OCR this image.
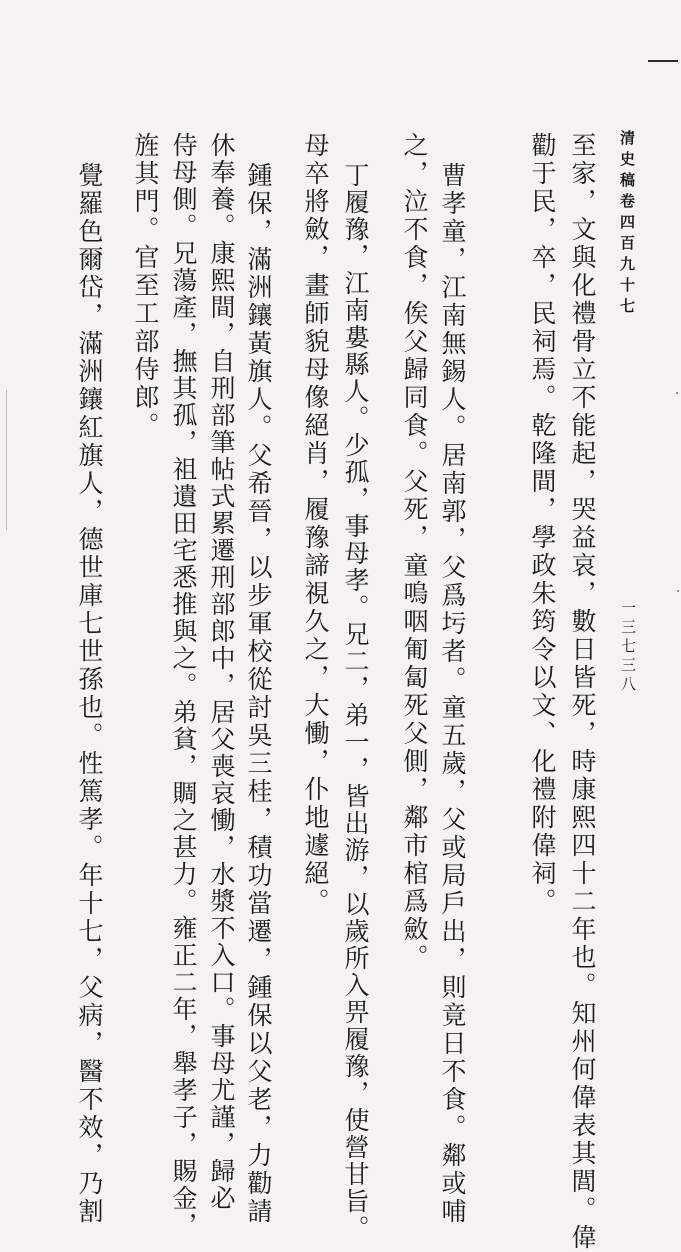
清史稿卷四百九十七
一三七三八
至家，文與化禮骨立不能起，哭益哀，數日皆死，時康熙四十二年也。知州何偉表其閭。偉
勸于民，卒，民祠焉。乾隆間，學政朱筠令以文、化禮附偉祠。
曹孝童，江南無錫人。居南郭，父爲圬者。童五歲，父或局戶出，則竟日不食。鄰或哺
之，泣不食，俟父歸同食。父死，童嗚咽匍匐死父側，鄰市棺爲斂。
丁履豫，江南婁縣人。少孤，事母孝。兄二，弟一，皆出游，以歲所入畀履豫，使營甘旨。
母卒將斂，畫師貌母像絕肖，履豫諦視久之，大慟，仆地遽絕。
鍾保，滿洲鑲黃旗人。父希晉，以步軍校從討吳三桂，積功當遷，鍾保以父老，力勸請
休奉養。康熙間，自刑部筆帖式累遷刑部郎中，居父喪哀慟，水漿不入口。事母尤謹，歸必
侍母側。兄蕩產，撫其孤，祖遺田宅悉推與之。弟貧，賙之甚力。雍正二年，舉孝子，賜金，
旌其門。官至工部侍郎。
覺羅色爾岱，滿洲鑲紅旗人，德世庫七世孫也。性篤孝。年十七，父病，醫不效，乃割
